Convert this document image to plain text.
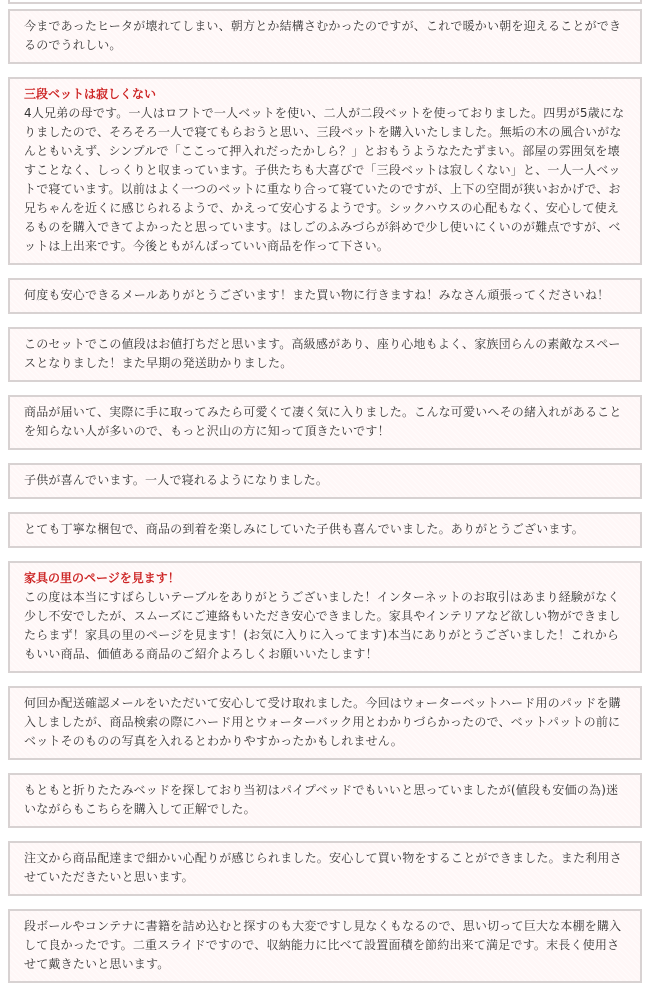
今まであったヒータが壊れてしまい、朝方とか結構さむかったのですが、これで暖かい朝を迎えることができるのでうれしい。
三段ベットは寂しくない
4人兄弟の母です。一人はロフトで一人ベットを使い、二人が二段ベットを使っておりました。四男が5歳になりましたので、そろそろ一人で寝てもらおうと思い、三段ベットを購入いたしました。無垢の木の風合いがなんともいえず、シンプルで「ここって押入れだったかしら？」とおもうようなたたずまい。部屋の雰囲気を壊すことなく、しっくりと収まっています。子供たちも大喜びで「三段ベットは寂しくない」と、一人一人ベットで寝ています。以前はよく一つのベットに重なり合って寝ていたのですが、上下の空間が狭いおかげで、お兄ちゃんを近くに感じられるようで、かえって安心するようです。シックハウスの心配もなく、安心して使えるものを購入できてよかったと思っています。はしごのふみづらが斜めで少し使いにくいのが難点ですが、ベットは上出来です。今後ともがんばっていい商品を作って下さい。
何度も安心できるメールありがとうございます！また買い物に行きますね！みなさん頑張ってくださいね！
このセットでこの値段はお値打ちだと思います。高級感があり、座り心地もよく、家族団らんの素敵なスペースとなりました！また早期の発送助かりました。
商品が届いて、実際に手に取ってみたら可愛くて凄く気に入りました。こんな可愛いへその緒入れがあることを知らない人が多いので、もっと沢山の方に知って頂きたいです！
子供が喜んでいます。一人で寝れるようになりました。
とても丁寧な梱包で、商品の到着を楽しみにしていた子供も喜んでいました。ありがとうございます。
家具の里のページを見ます！
この度は本当にすばらしいテーブルをありがとうございました！インターネットのお取引はあまり経験がなく少し不安でしたが、スムーズにご連絡もいただき安心できました。家具やインテリアなど欲しい物ができましたらまず！家具の里のページを見ます！(お気に入りに入ってます)本当にありがとうございました！これからもいい商品、価値ある商品のご紹介よろしくお願いいたします！
何回か配送確認メールをいただいて安心して受け取れました。今回はウォーターベットハード用のパッドを購入しましたが、商品検索の際にハード用とウォーターバック用とわかりづらかったので、ベットパットの前にベットそのものの写真を入れるとわかりやすかったかもしれません。
もともと折りたたみベッドを探しており当初はパイプベッドでもいいと思っていましたが(値段も安価の為)迷いながらもこちらを購入して正解でした。
注文から商品配達まで細かい心配りが感じられました。安心して買い物をすることができました。また利用させていただきたいと思います。
段ボールやコンテナに書籍を詰め込むと探すのも大変ですし見なくもなるので、思い切って巨大な本棚を購入して良かったです。二重スライドですので、収納能力に比べて設置面積を節約出来て満足です。末長く使用させて戴きたいと思います。
